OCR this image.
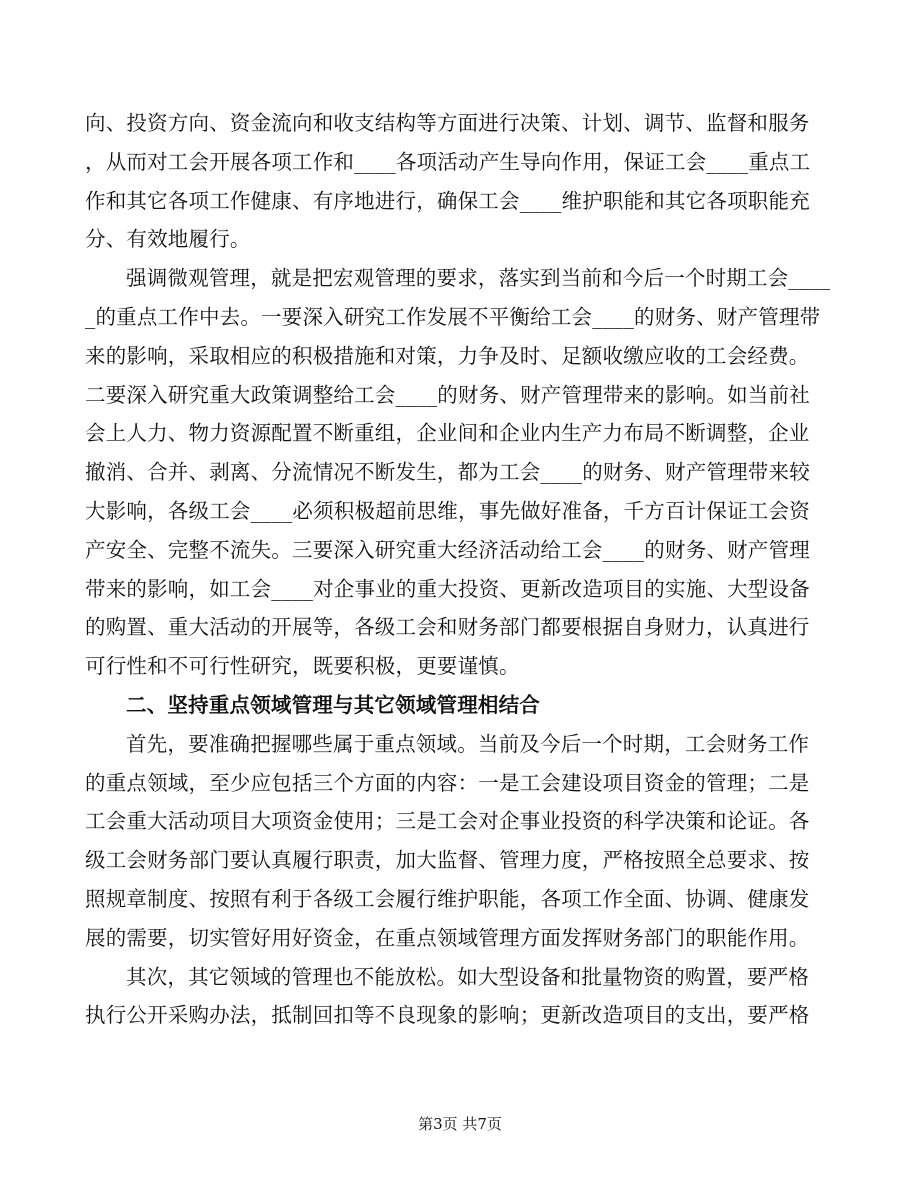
向、投资方向、资金流向和收支结构等方面进行决策、计划、调节、监督和服务
，从而对工会开展各项工作和____各项活动产生导向作用，保证工会____重点工
作和其它各项工作健康、有序地进行，确保工会____维护职能和其它各项职能充
分、有效地履行。
强调微观管理，就是把宏观管理的要求，落实到当前和今后一个时期工会____
_的重点工作中去。一要深入研究工作发展不平衡给工会____的财务、财产管理带
来的影响，采取相应的积极措施和对策，力争及时、足额收缴应收的工会经费。
二要深入研究重大政策调整给工会____的财务、财产管理带来的影响。如当前社
会上人力、物力资源配置不断重组，企业间和企业内生产力布局不断调整，企业
撤消、合并、剥离、分流情况不断发生，都为工会____的财务、财产管理带来较
大影响，各级工会____必须积极超前思维，事先做好准备，千方百计保证工会资
产安全、完整不流失。三要深入研究重大经济活动给工会____的财务、财产管理
带来的影响，如工会____对企事业的重大投资、更新改造项目的实施、大型设备
的购置、重大活动的开展等，各级工会和财务部门都要根据自身财力，认真进行
可行性和不可行性研究，既要积极，更要谨慎。
二、坚持重点领域管理与其它领域管理相结合
首先，要准确把握哪些属于重点领域。当前及今后一个时期，工会财务工作
的重点领域，至少应包括三个方面的内容：一是工会建设项目资金的管理；二是
工会重大活动项目大项资金使用；三是工会对企事业投资的科学决策和论证。各
级工会财务部门要认真履行职责，加大监督、管理力度，严格按照全总要求、按
照规章制度、按照有利于各级工会履行维护职能，各项工作全面、协调、健康发
展的需要，切实管好用好资金，在重点领域管理方面发挥财务部门的职能作用。
其次，其它领域的管理也不能放松。如大型设备和批量物资的购置，要严格
执行公开采购办法，抵制回扣等不良现象的影响；更新改造项目的支出，要严格
第3页 共7页
